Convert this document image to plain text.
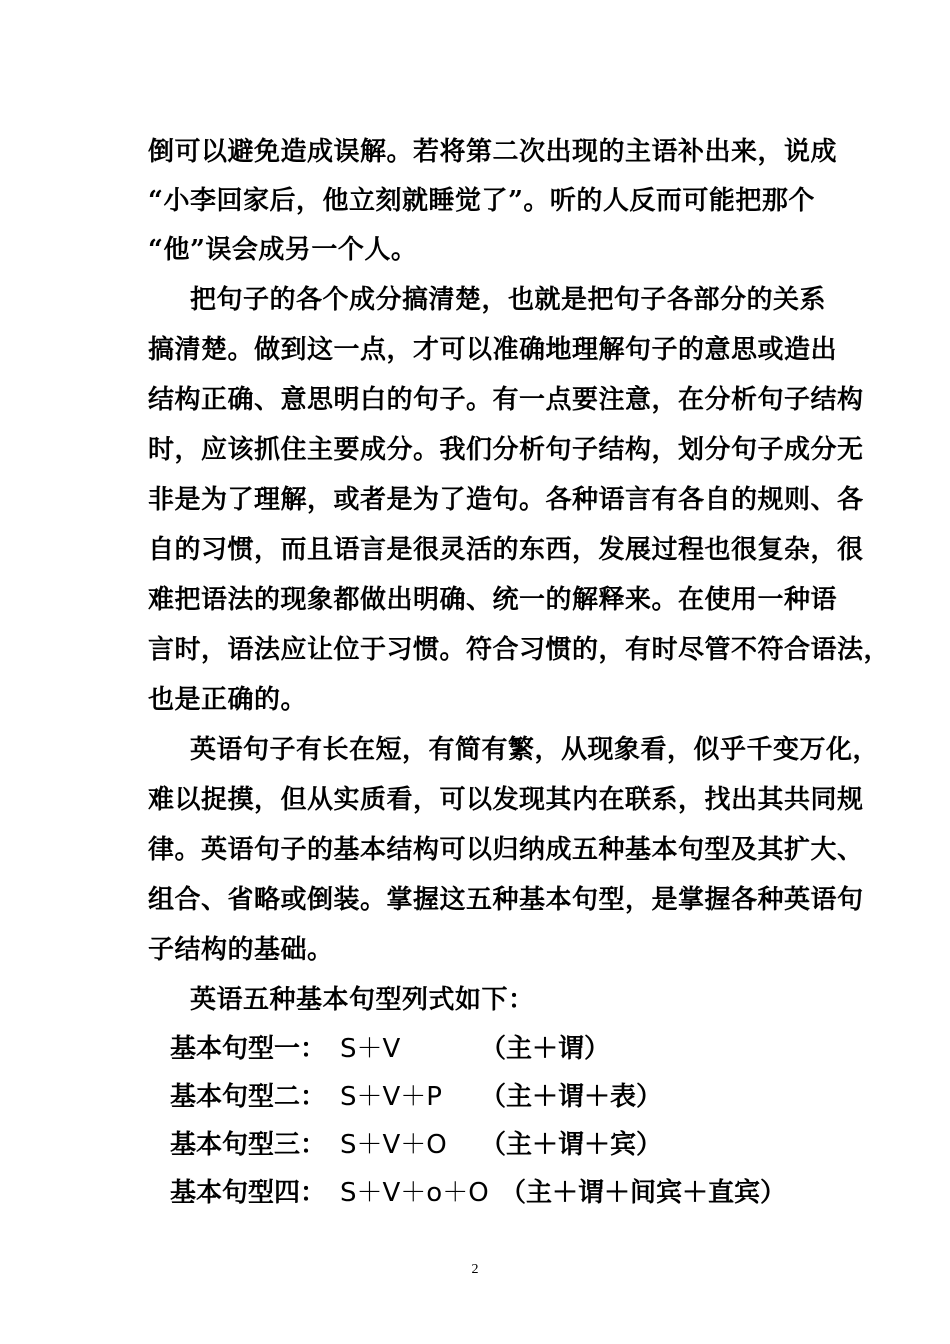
倒可以避免造成误解。若将第二次出现的主语补出来，说成
“小李回家后，他立刻就睡觉了”。听的人反而可能把那个
“他”误会成另一个人。
把句子的各个成分搞清楚，也就是把句子各部分的关系
搞清楚。做到这一点，才可以准确地理解句子的意思或造出
结构正确、意思明白的句子。有一点要注意，在分析句子结构
时，应该抓住主要成分。我们分析句子结构，划分句子成分无
非是为了理解，或者是为了造句。各种语言有各自的规则、各
自的习惯，而且语言是很灵活的东西，发展过程也很复杂，很
难把语法的现象都做出明确、统一的解释来。在使用一种语
言时，语法应让位于习惯。符合习惯的，有时尽管不符合语法，
也是正确的。
英语句子有长在短，有简有繁，从现象看，似乎千变万化，
难以捉摸，但从实质看，可以发现其内在联系，找出其共同规
律。英语句子的基本结构可以归纳成五种基本句型及其扩大、
组合、省略或倒装。掌握这五种基本句型，是掌握各种英语句
子结构的基础。
英语五种基本句型列式如下：
基本句型一： S＋V	（主＋谓）
基本句型二： S＋V＋P （主＋谓＋表）
基本句型三： S＋V＋O （主＋谓＋宾）
基本句型四： S＋V＋o＋O （主＋谓＋间宾＋直宾）
2
